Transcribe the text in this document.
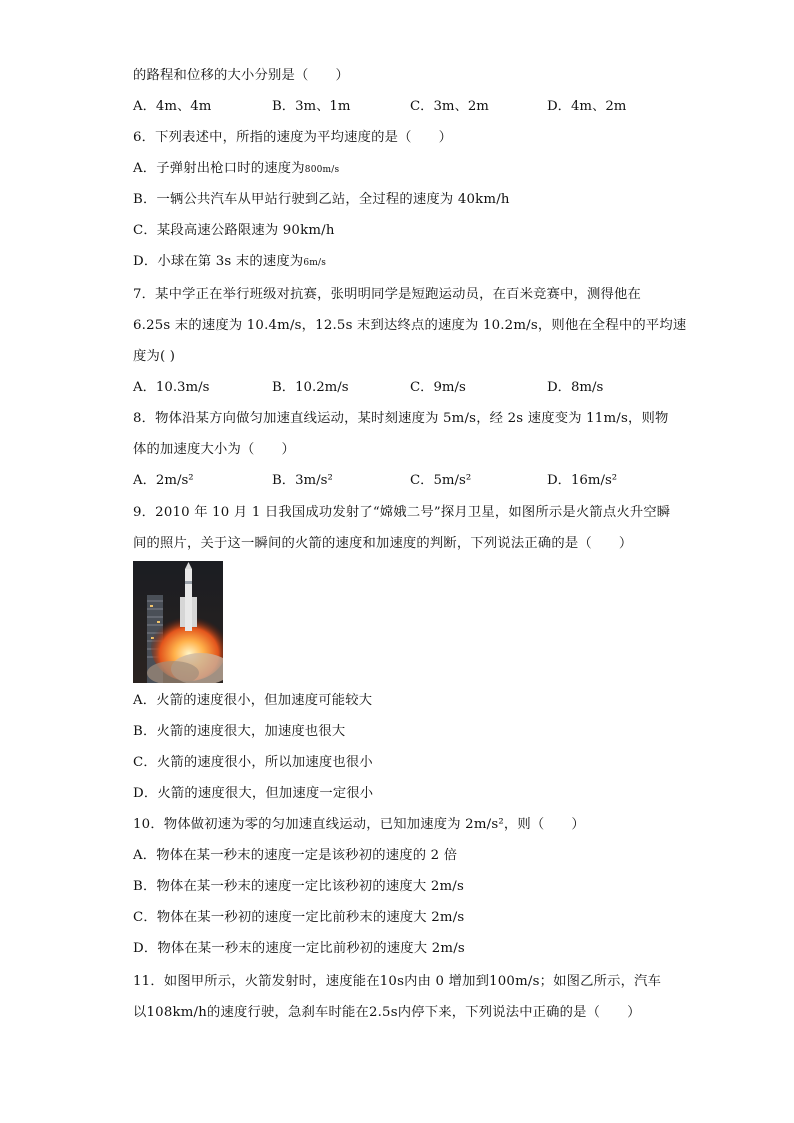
的路程和位移的大小分别是（　　）
A．4m、4m	B．3m、1m	C．3m、2m	D．4m、2m
6．下列表述中，所指的速度为平均速度的是（　　）
A．子弹射出枪口时的速度为800m/s
B．一辆公共汽车从甲站行驶到乙站，全过程的速度为 40km/h
C．某段高速公路限速为 90km/h
D．小球在第 3s 末的速度为6m/s
7．某中学正在举行班级对抗赛，张明明同学是短跑运动员，在百米竞赛中，测得他在
6.25s 末的速度为 10.4m/s，12.5s 末到达终点的速度为 10.2m/s，则他在全程中的平均速
度为( )
A．10.3m/s	B．10.2m/s	C．9m/s	D．8m/s
8．物体沿某方向做匀加速直线运动，某时刻速度为 5m/s，经 2s 速度变为 11m/s，则物
体的加速度大小为（　　）
A．2m/s²	B．3m/s²	C．5m/s²	D．16m/s²
9．2010 年 10 月 1 日我国成功发射了“嫦娥二号”探月卫星，如图所示是火箭点火升空瞬
间的照片，关于这一瞬间的火箭的速度和加速度的判断，下列说法正确的是（　　）
A．火箭的速度很小，但加速度可能较大
B．火箭的速度很大，加速度也很大
C．火箭的速度很小，所以加速度也很小
D．火箭的速度很大，但加速度一定很小
10．物体做初速为零的匀加速直线运动，已知加速度为 2m/s²，则（　　）
A．物体在某一秒末的速度一定是该秒初的速度的 2 倍
B．物体在某一秒末的速度一定比该秒初的速度大 2m/s
C．物体在某一秒初的速度一定比前秒末的速度大 2m/s
D．物体在某一秒末的速度一定比前秒初的速度大 2m/s
11．如图甲所示，火箭发射时，速度能在10s内由 0 增加到100m/s；如图乙所示，汽车
以108km/h的速度行驶，急刹车时能在2.5s内停下来，下列说法中正确的是（　　）
